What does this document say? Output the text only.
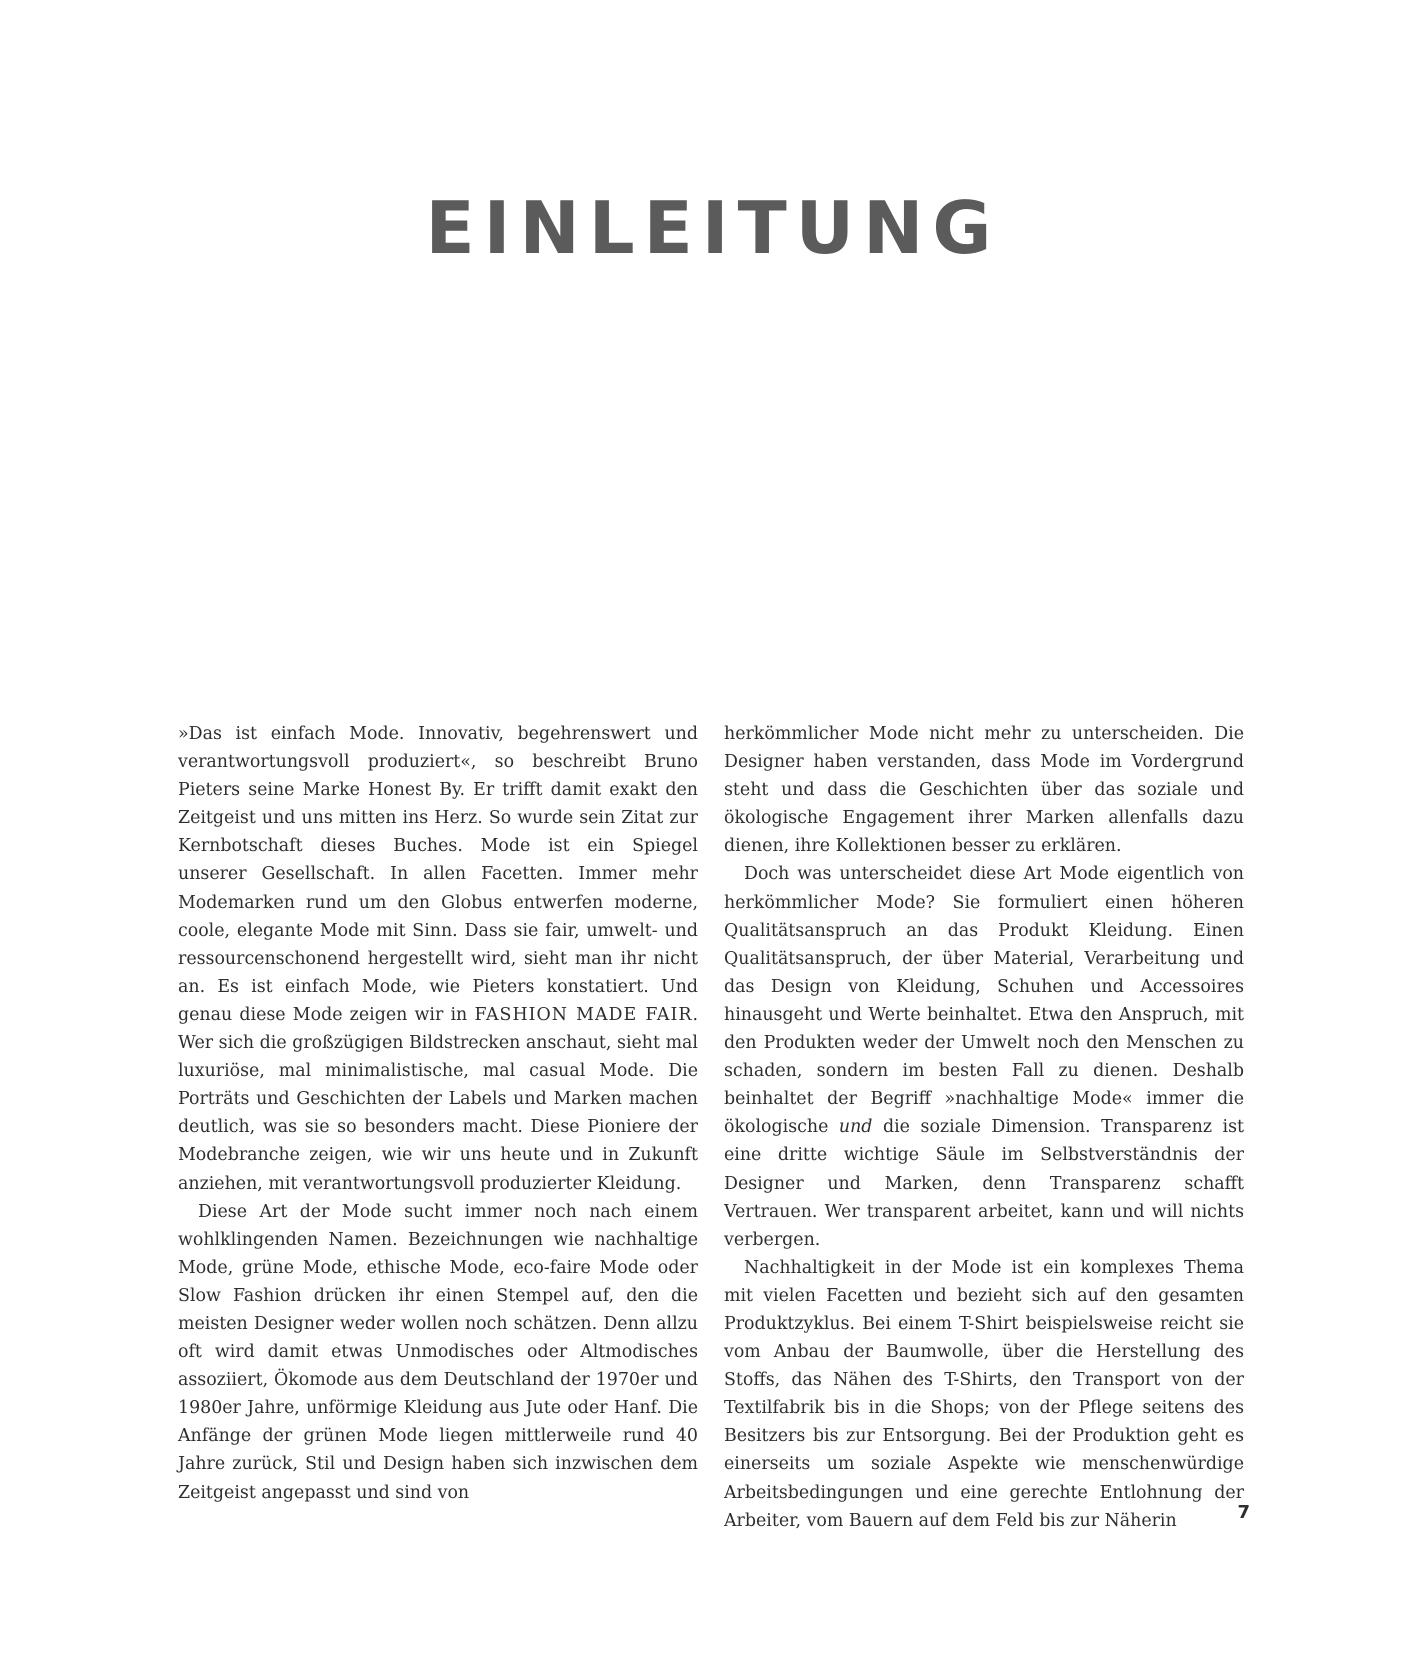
EINLEITUNG

»Das ist einfach Mode. Innovativ, begehrenswert und verantwortungsvoll produziert«, so beschreibt Bruno Pieters seine Marke Honest By. Er trifft damit exakt den Zeitgeist und uns mitten ins Herz. So wurde sein Zitat zur Kernbotschaft dieses Buches. Mode ist ein Spiegel unserer Gesellschaft. In allen Facetten. Immer mehr Modemarken rund um den Globus entwerfen moderne, coole, elegante Mode mit Sinn. Dass sie fair, umwelt- und ressourcenschonend hergestellt wird, sieht man ihr nicht an. Es ist einfach Mode, wie Pieters konstatiert. Und genau diese Mode zeigen wir in FASHION MADE FAIR. Wer sich die großzügigen Bildstrecken anschaut, sieht mal luxuriöse, mal minimalistische, mal casual Mode. Die Porträts und Geschichten der Labels und Marken machen deutlich, was sie so besonders macht. Diese Pioniere der Modebranche zeigen, wie wir uns heute und in Zukunft anziehen, mit verantwortungsvoll produzierter Kleidung.

Diese Art der Mode sucht immer noch nach einem wohlklingenden Namen. Bezeichnungen wie nachhaltige Mode, grüne Mode, ethische Mode, eco-faire Mode oder Slow Fashion drücken ihr einen Stempel auf, den die meisten Designer weder wollen noch schätzen. Denn allzu oft wird damit etwas Unmodisches oder Altmodisches assoziiert, Ökomode aus dem Deutschland der 1970er und 1980er Jahre, unförmige Kleidung aus Jute oder Hanf. Die Anfänge der grünen Mode liegen mittlerweile rund 40 Jahre zurück, Stil und Design haben sich inzwischen dem Zeitgeist angepasst und sind von

herkömmlicher Mode nicht mehr zu unterscheiden. Die Designer haben verstanden, dass Mode im Vordergrund steht und dass die Geschichten über das soziale und ökologische Engagement ihrer Marken allenfalls dazu dienen, ihre Kollektionen besser zu erklären.

Doch was unterscheidet diese Art Mode eigentlich von herkömmlicher Mode? Sie formuliert einen höheren Qualitätsanspruch an das Produkt Kleidung. Einen Qualitätsanspruch, der über Material, Verarbeitung und das Design von Kleidung, Schuhen und Accessoires hinausgeht und Werte beinhaltet. Etwa den Anspruch, mit den Produkten weder der Umwelt noch den Menschen zu schaden, sondern im besten Fall zu dienen. Deshalb beinhaltet der Begriff »nachhaltige Mode« immer die ökologische und die soziale Dimension. Transparenz ist eine dritte wichtige Säule im Selbstverständnis der Designer und Marken, denn Transparenz schafft Vertrauen. Wer transparent arbeitet, kann und will nichts verbergen.

Nachhaltigkeit in der Mode ist ein komplexes Thema mit vielen Facetten und bezieht sich auf den gesamten Produktzyklus. Bei einem T-Shirt beispielsweise reicht sie vom Anbau der Baumwolle, über die Herstellung des Stoffs, das Nähen des T-Shirts, den Transport von der Textilfabrik bis in die Shops; von der Pflege seitens des Besitzers bis zur Entsorgung. Bei der Produktion geht es einerseits um soziale Aspekte wie menschenwürdige Arbeitsbedingungen und eine gerechte Entlohnung der Arbeiter, vom Bauern auf dem Feld bis zur Näherin	7
